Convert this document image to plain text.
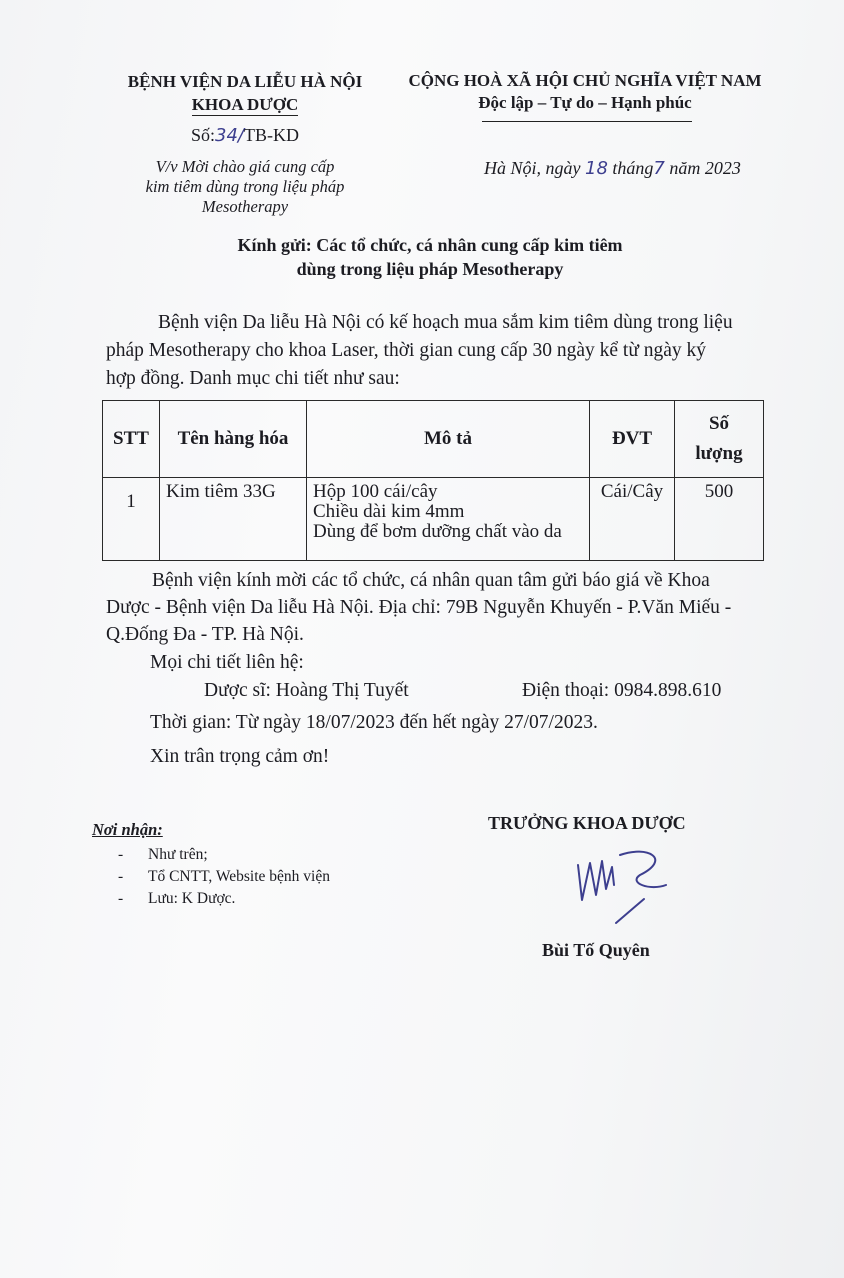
BỆNH VIỆN DA LIỄU HÀ NỘI
KHOA DƯỢC
Số:34/TB-KD
V/v Mời chào giá cung cấp
kim tiêm dùng trong liệu pháp
Mesotherapy
CỘNG HOÀ XÃ HỘI CHỦ NGHĨA VIỆT NAM
Độc lập – Tự do – Hạnh phúc
Hà Nội, ngày 18 tháng7 năm 2023
Kính gửi: Các tổ chức, cá nhân cung cấp kim tiêm
dùng trong liệu pháp Mesotherapy
Bệnh viện Da liễu Hà Nội có kế hoạch mua sắm kim tiêm dùng trong liệu
pháp Mesotherapy cho khoa Laser, thời gian cung cấp 30 ngày kể từ ngày ký
hợp đồng. Danh mục chi tiết như sau:
STT	Tên hàng hóa	Mô tả	ĐVT	Số
lượng

1	Kim tiêm 33G	Hộp 100 cái/cây
Chiều dài kim 4mm
Dùng để bơm dưỡng chất vào da	Cái/Cây	500
Bệnh viện kính mời các tổ chức, cá nhân quan tâm gửi báo giá về Khoa
Dược - Bệnh viện Da liễu Hà Nội. Địa chỉ: 79B Nguyễn Khuyến - P.Văn Miếu -
Q.Đống Đa - TP. Hà Nội.
Mọi chi tiết liên hệ:
Dược sĩ: Hoàng Thị Tuyết	Điện thoại: 0984.898.610
Thời gian: Từ ngày 18/07/2023 đến hết ngày 27/07/2023.
Xin trân trọng cảm ơn!
Nơi nhận:
- Như trên;
- Tổ CNTT, Website bệnh viện
- Lưu: K Dược.
TRƯỞNG KHOA DƯỢC
Bùi Tố Quyên
